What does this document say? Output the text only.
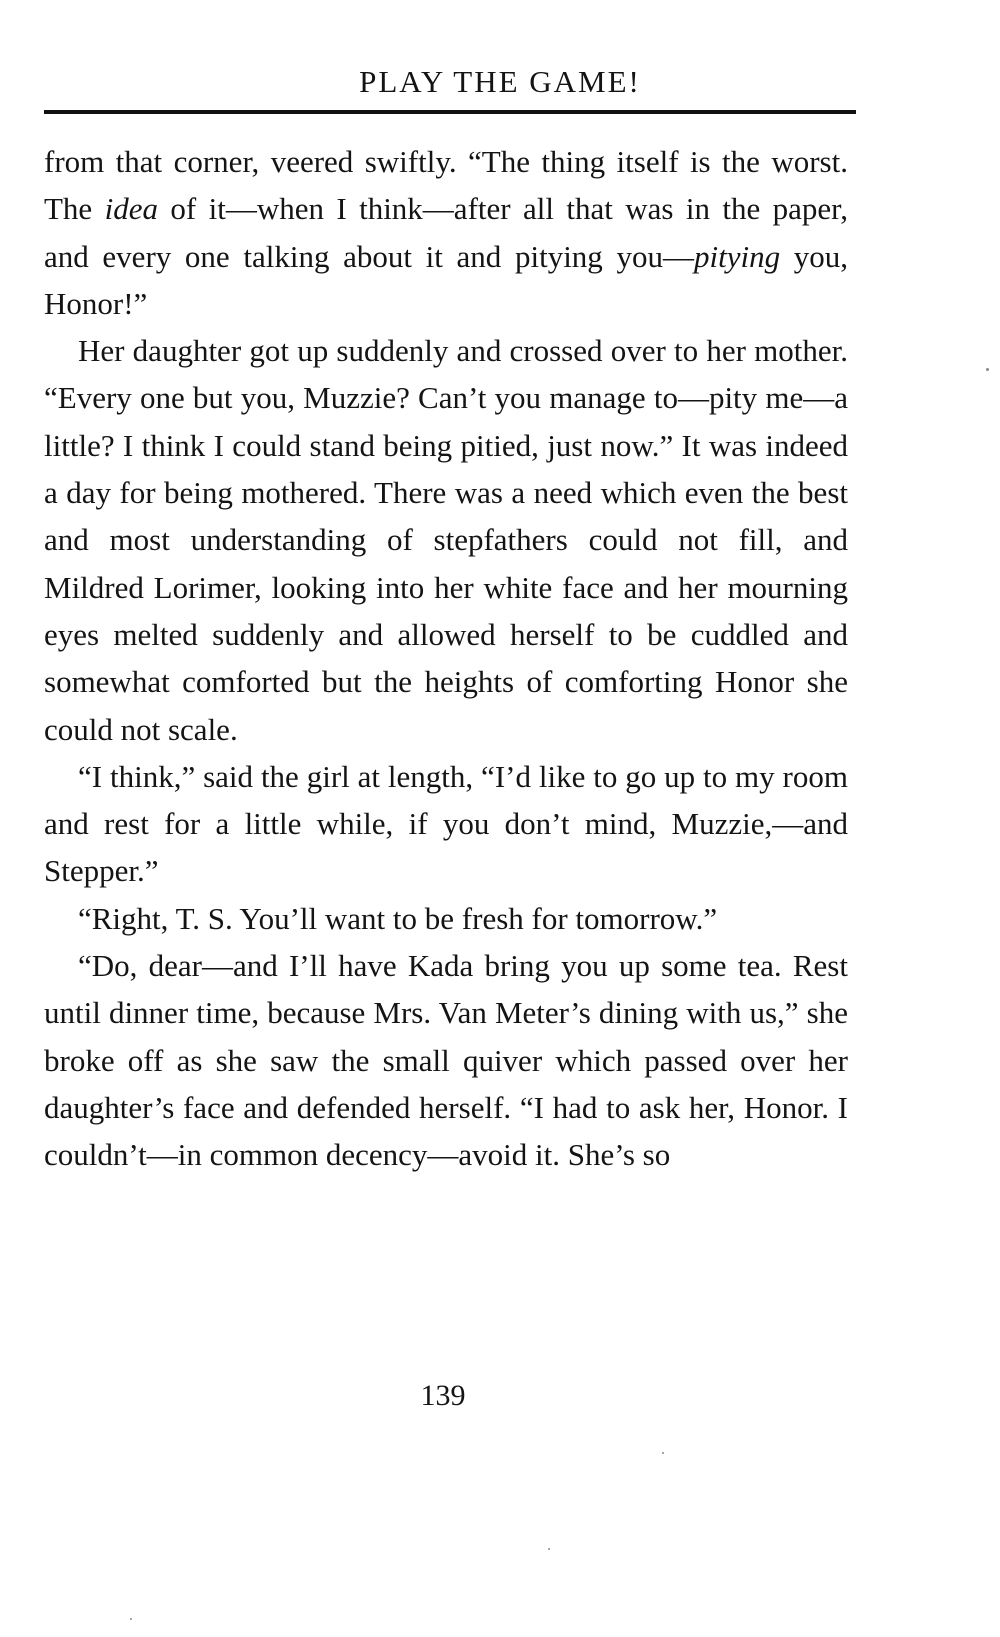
PLAY THE GAME!

from that corner, veered swiftly. “The thing itself is the worst. The idea of it—when I think—after all that was in the paper, and every one talking about it and pitying you—pitying you, Honor!”

Her daughter got up suddenly and crossed over to her mother. “Every one but you, Muzzie? Can’t you manage to—pity me—a little? I think I could stand being pitied, just now.” It was indeed a day for being mothered. There was a need which even the best and most understanding of stepfathers could not fill, and Mildred Lorimer, looking into her white face and her mourning eyes melted suddenly and allowed herself to be cuddled and somewhat comforted but the heights of comforting Honor she could not scale.

“I think,” said the girl at length, “I’d like to go up to my room and rest for a little while, if you don’t mind, Muzzie,—and Stepper.”

“Right, T. S. You’ll want to be fresh for tomorrow.”

“Do, dear—and I’ll have Kada bring you up some tea. Rest until dinner time, because Mrs. Van Meter’s dining with us,” she broke off as she saw the small quiver which passed over her daughter’s face and defended herself. “I had to ask her, Honor. I couldn’t—in common decency—avoid it. She’s so

139
